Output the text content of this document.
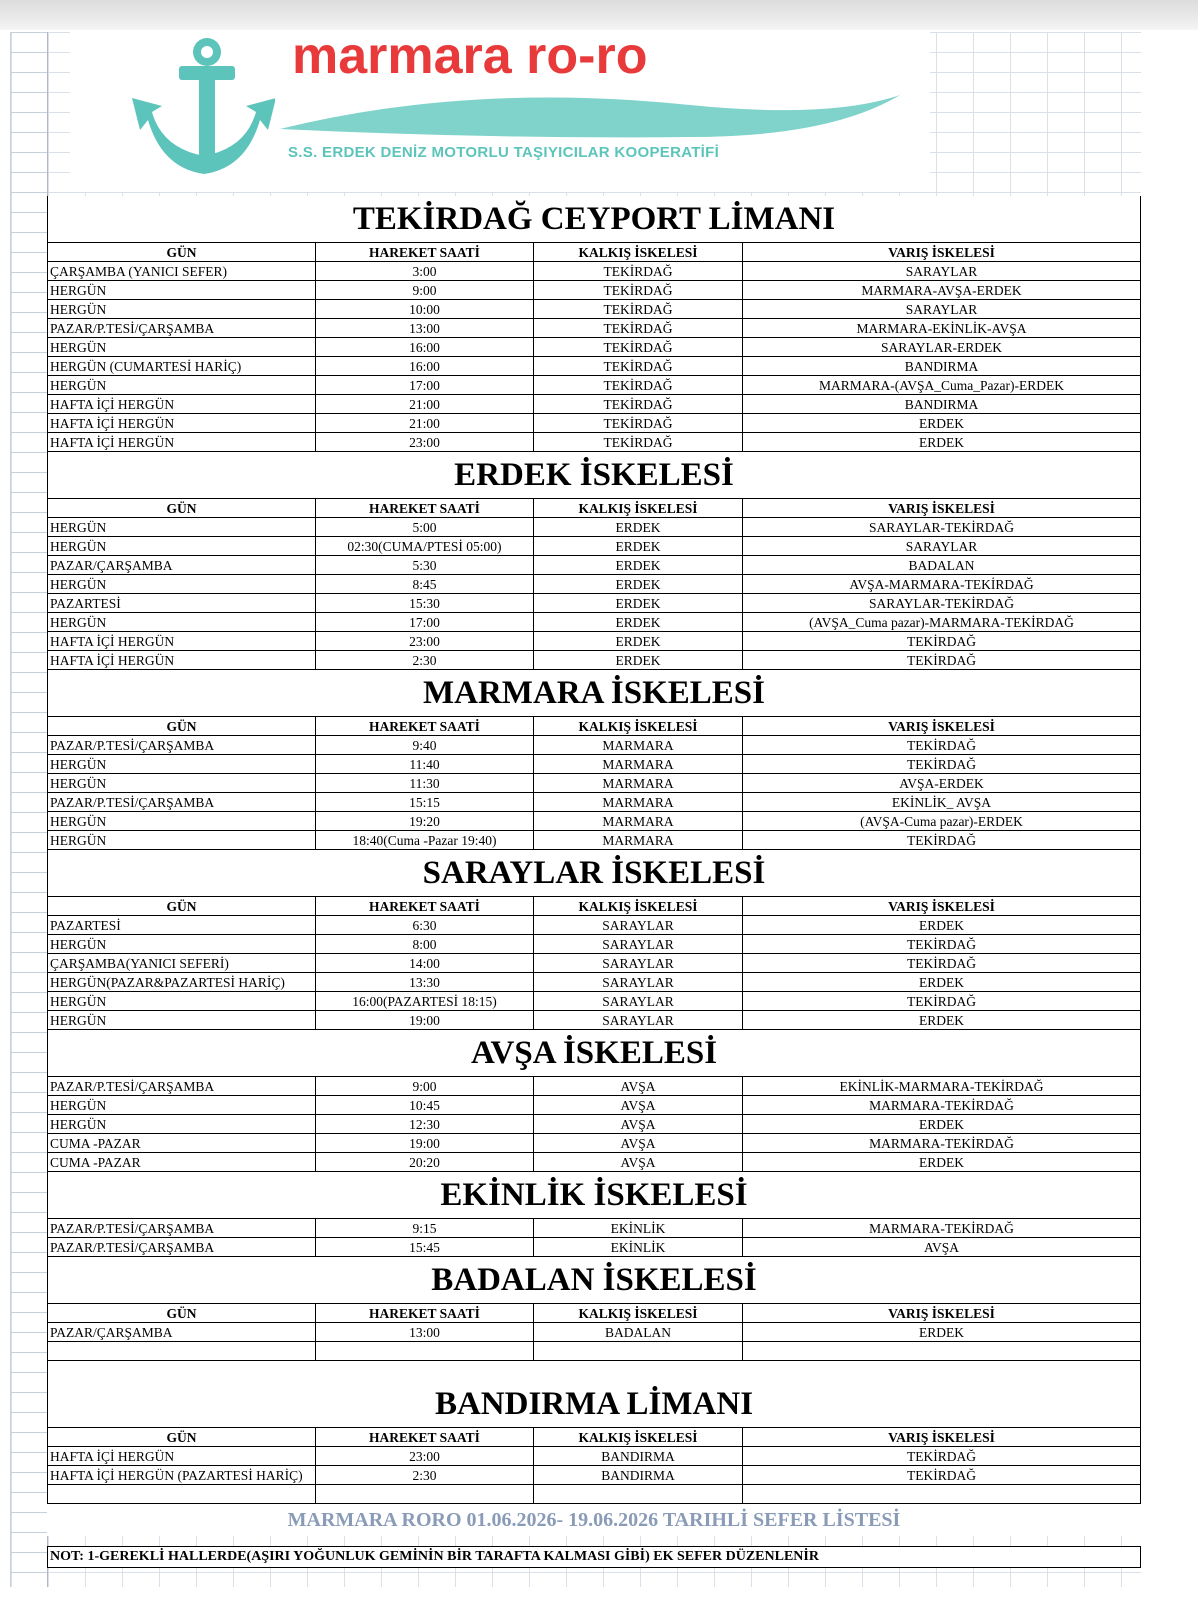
marmara ro-ro
S.S. ERDEK DENİZ MOTORLU TAŞIYICILAR KOOPERATİFİ
TEKİRDAĞ CEYPORT LİMANI
GÜN	HAREKET SAATİ	KALKIŞ İSKELESİ	VARIŞ İSKELESİ
ÇARŞAMBA (YANICI SEFER)	3:00	TEKİRDAĞ	SARAYLAR
HERGÜN	9:00	TEKİRDAĞ	MARMARA-AVŞA-ERDEK
HERGÜN	10:00	TEKİRDAĞ	SARAYLAR
PAZAR/P.TESİ/ÇARŞAMBA	13:00	TEKİRDAĞ	MARMARA-EKİNLİK-AVŞA
HERGÜN	16:00	TEKİRDAĞ	SARAYLAR-ERDEK
HERGÜN (CUMARTESİ HARİÇ)	16:00	TEKİRDAĞ	BANDIRMA
HERGÜN	17:00	TEKİRDAĞ	MARMARA-(AVŞA_Cuma_Pazar)-ERDEK
HAFTA İÇİ HERGÜN	21:00	TEKİRDAĞ	BANDIRMA
HAFTA İÇİ HERGÜN	21:00	TEKİRDAĞ	ERDEK
HAFTA İÇİ HERGÜN	23:00	TEKİRDAĞ	ERDEK
ERDEK İSKELESİ
GÜN	HAREKET SAATİ	KALKIŞ İSKELESİ	VARIŞ İSKELESİ
HERGÜN	5:00	ERDEK	SARAYLAR-TEKİRDAĞ
HERGÜN	02:30(CUMA/PTESİ 05:00)	ERDEK	SARAYLAR
PAZAR/ÇARŞAMBA	5:30	ERDEK	BADALAN
HERGÜN	8:45	ERDEK	AVŞA-MARMARA-TEKİRDAĞ
PAZARTESİ	15:30	ERDEK	SARAYLAR-TEKİRDAĞ
HERGÜN	17:00	ERDEK	(AVŞA_Cuma pazar)-MARMARA-TEKİRDAĞ
HAFTA İÇİ HERGÜN	23:00	ERDEK	TEKİRDAĞ
HAFTA İÇİ HERGÜN	2:30	ERDEK	TEKİRDAĞ
MARMARA İSKELESİ
GÜN	HAREKET SAATİ	KALKIŞ İSKELESİ	VARIŞ İSKELESİ
PAZAR/P.TESİ/ÇARŞAMBA	9:40	MARMARA	TEKİRDAĞ
HERGÜN	11:40	MARMARA	TEKİRDAĞ
HERGÜN	11:30	MARMARA	AVŞA-ERDEK
PAZAR/P.TESİ/ÇARŞAMBA	15:15	MARMARA	EKİNLİK_ AVŞA
HERGÜN	19:20	MARMARA	(AVŞA-Cuma pazar)-ERDEK
HERGÜN	18:40(Cuma -Pazar 19:40)	MARMARA	TEKİRDAĞ
SARAYLAR İSKELESİ
GÜN	HAREKET SAATİ	KALKIŞ İSKELESİ	VARIŞ İSKELESİ
PAZARTESİ	6:30	SARAYLAR	ERDEK
HERGÜN	8:00	SARAYLAR	TEKİRDAĞ
ÇARŞAMBA(YANICI SEFERİ)	14:00	SARAYLAR	TEKİRDAĞ
HERGÜN(PAZAR&PAZARTESİ HARİÇ)	13:30	SARAYLAR	ERDEK
HERGÜN	16:00(PAZARTESİ 18:15)	SARAYLAR	TEKİRDAĞ
HERGÜN	19:00	SARAYLAR	ERDEK
AVŞA İSKELESİ
PAZAR/P.TESİ/ÇARŞAMBA	9:00	AVŞA	EKİNLİK-MARMARA-TEKİRDAĞ
HERGÜN	10:45	AVŞA	MARMARA-TEKİRDAĞ
HERGÜN	12:30	AVŞA	ERDEK
CUMA -PAZAR	19:00	AVŞA	MARMARA-TEKİRDAĞ
CUMA -PAZAR	20:20	AVŞA	ERDEK
EKİNLİK İSKELESİ
PAZAR/P.TESİ/ÇARŞAMBA	9:15	EKİNLİK	MARMARA-TEKİRDAĞ
PAZAR/P.TESİ/ÇARŞAMBA	15:45	EKİNLİK	AVŞA
BADALAN İSKELESİ
GÜN	HAREKET SAATİ	KALKIŞ İSKELESİ	VARIŞ İSKELESİ
PAZAR/ÇARŞAMBA	13:00	BADALAN	ERDEK

BANDIRMA LİMANI
GÜN	HAREKET SAATİ	KALKIŞ İSKELESİ	VARIŞ İSKELESİ
HAFTA İÇİ HERGÜN	23:00	BANDIRMA	TEKİRDAĞ
HAFTA İÇİ HERGÜN (PAZARTESİ HARİÇ)	2:30	BANDIRMA	TEKİRDAĞ

MARMARA RORO 01.06.2026- 19.06.2026 TARIHLİ SEFER LİSTESİ
NOT: 1-GEREKLİ HALLERDE(AŞIRI YOĞUNLUK GEMİNİN BİR TARAFTA KALMASI GİBİ) EK SEFER DÜZENLENİR
